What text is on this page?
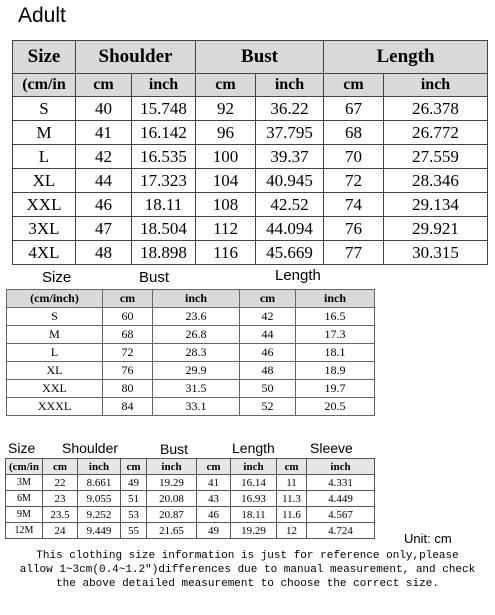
Adult
Size	Shoulder		Bust		Length	
(cm/in	cm	inch	cm	inch	cm	inch
S	40	15.748	92	36.22	67	26.378
M	41	16.142	96	37.795	68	26.772
L	42	16.535	100	39.37	70	27.559
XL	44	17.323	104	40.945	72	28.346
XXL	46	18.11	108	42.52	74	29.134
3XL	47	18.504	112	44.094	76	29.921
4XL	48	18.898	116	45.669	77	30.315
Size	Bust	Length
(cm/inch)	cm	inch	cm	inch
S	60	23.6	42	16.5
M	68	26.8	44	17.3
L	72	28.3	46	18.1
XL	76	29.9	48	18.9
XXL	80	31.5	50	19.7
XXXL	84	33.1	52	20.5
Size Shoulder	Bust	Length	Sleeve
(cm/in	cm	inch	cm	inch	cm	inch	cm	inch
3M	22	8.661	49	19.29	41	16.14	11	4.331
6M	23	9.055	51	20.08	43	16.93	11.3	4.449
9M	23.5	9.252	53	20.87	46	18.11	11.6	4.567
12M	24	9.449	55	21.65	49	19.29	12	4.724
Unit: cm
This clothing size information is just for reference only,please
allow 1~3cm(0.4~1.2")differences due to manual measurement, and check
the above detailed measurement to choose the correct size.
